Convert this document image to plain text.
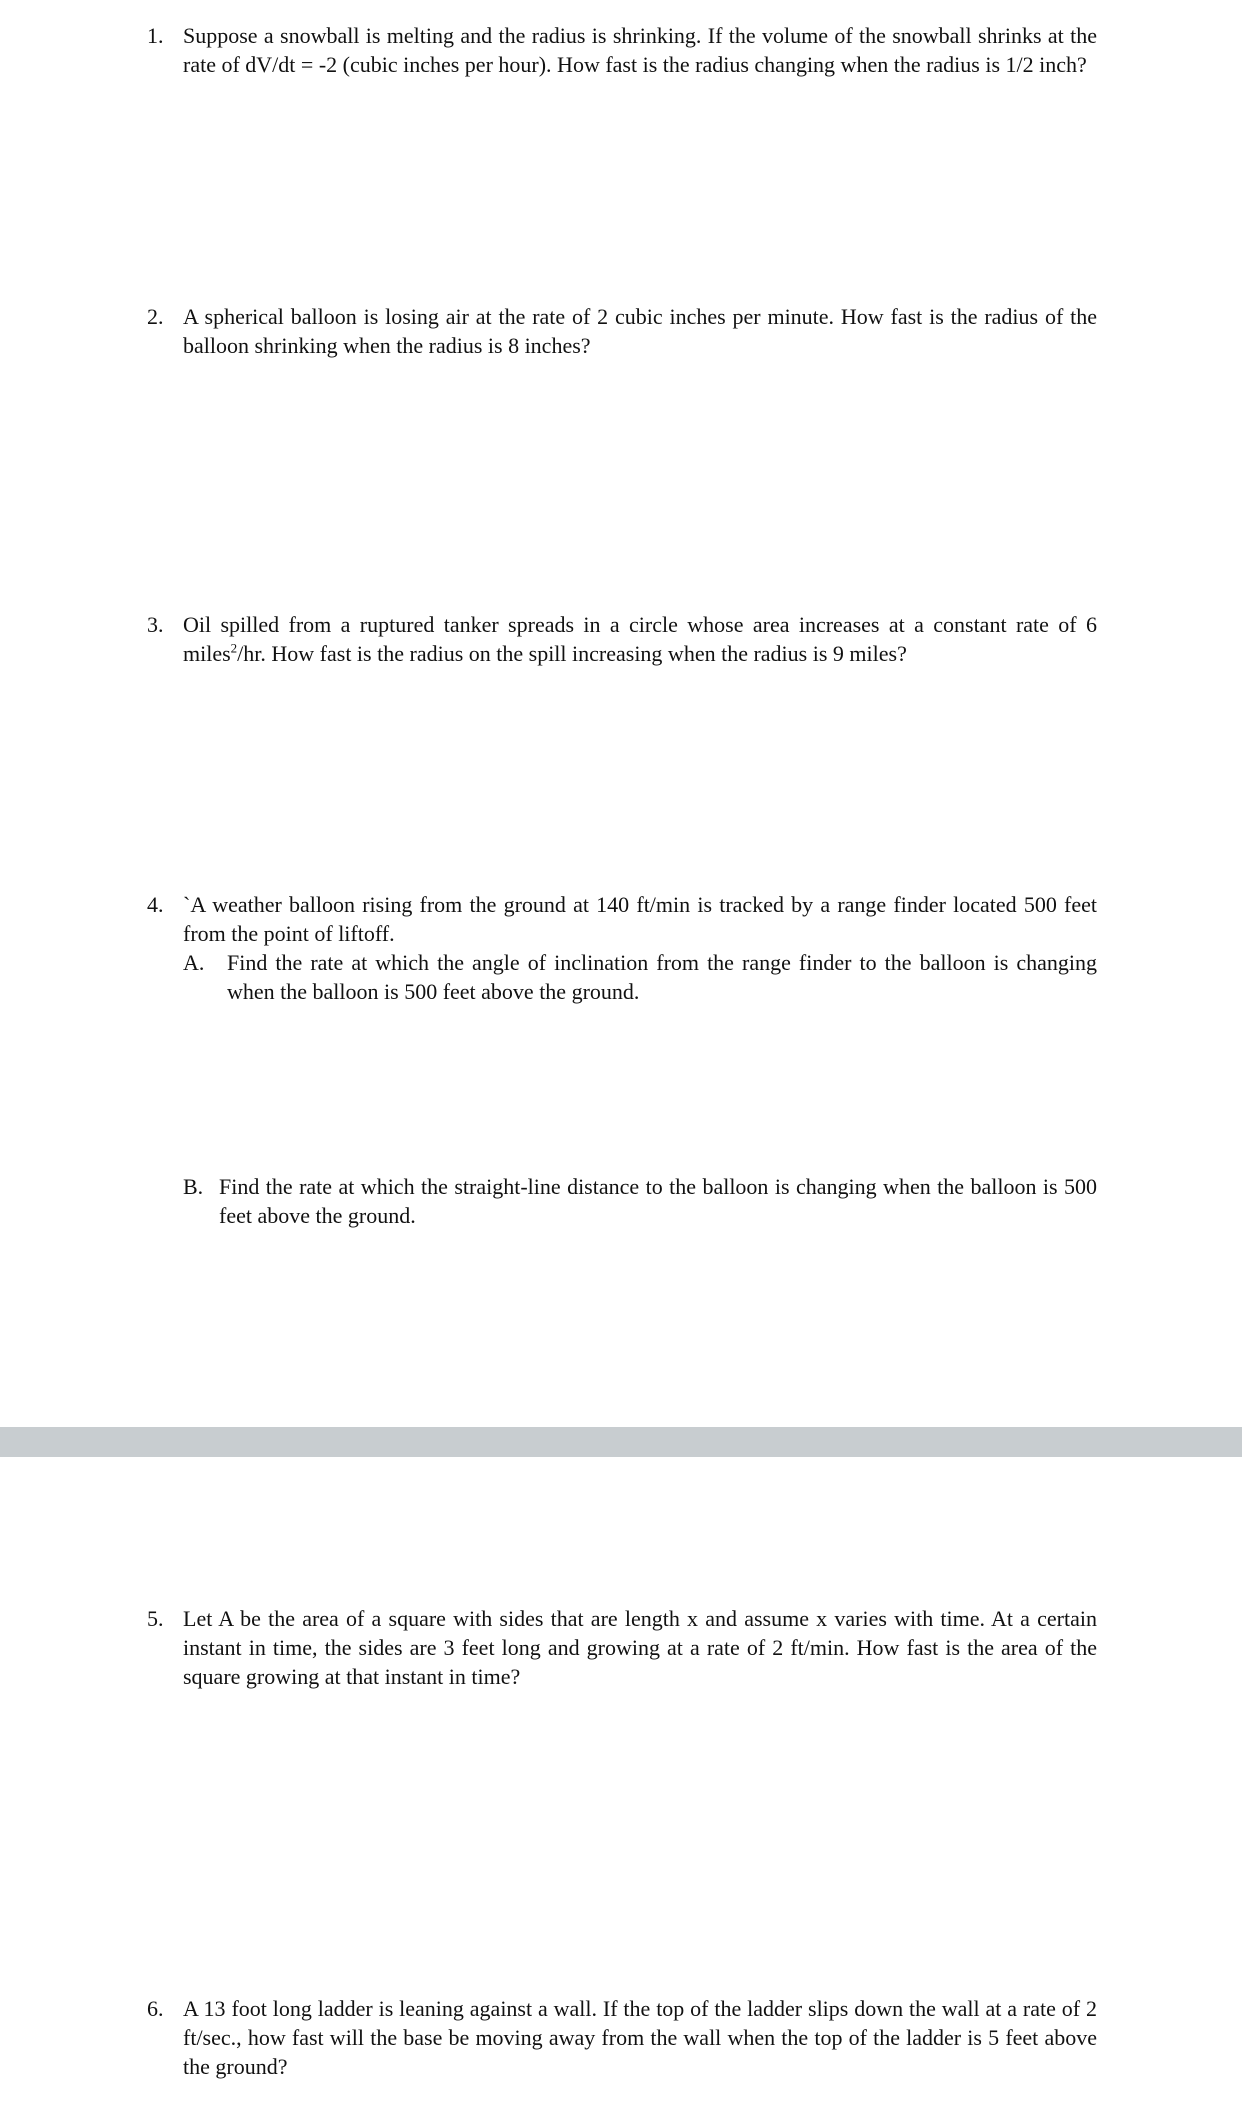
1. Suppose a snowball is melting and the radius is shrinking. If the volume of the snowball shrinks at the rate of dV/dt = -2 (cubic inches per hour). How fast is the radius changing when the radius is 1/2 inch?
2. A spherical balloon is losing air at the rate of 2 cubic inches per minute. How fast is the radius of the balloon shrinking when the radius is 8 inches?
3. Oil spilled from a ruptured tanker spreads in a circle whose area increases at a constant rate of 6 miles$^2$/hr. How fast is the radius on the spill increasing when the radius is 9 miles?
4. `A weather balloon rising from the ground at 140 ft/min is tracked by a range finder located 500 feet from the point of liftoff.
A. Find the rate at which the angle of inclination from the range finder to the balloon is changing when the balloon is 500 feet above the ground.
B. Find the rate at which the straight-line distance to the balloon is changing when the balloon is 500 feet above the ground.
5. Let A be the area of a square with sides that are length x and assume x varies with time. At a certain instant in time, the sides are 3 feet long and growing at a rate of 2 ft/min. How fast is the area of the square growing at that instant in time?
6. A 13 foot long ladder is leaning against a wall. If the top of the ladder slips down the wall at a rate of 2 ft/sec., how fast will the base be moving away from the wall when the top of the ladder is 5 feet above the ground?
